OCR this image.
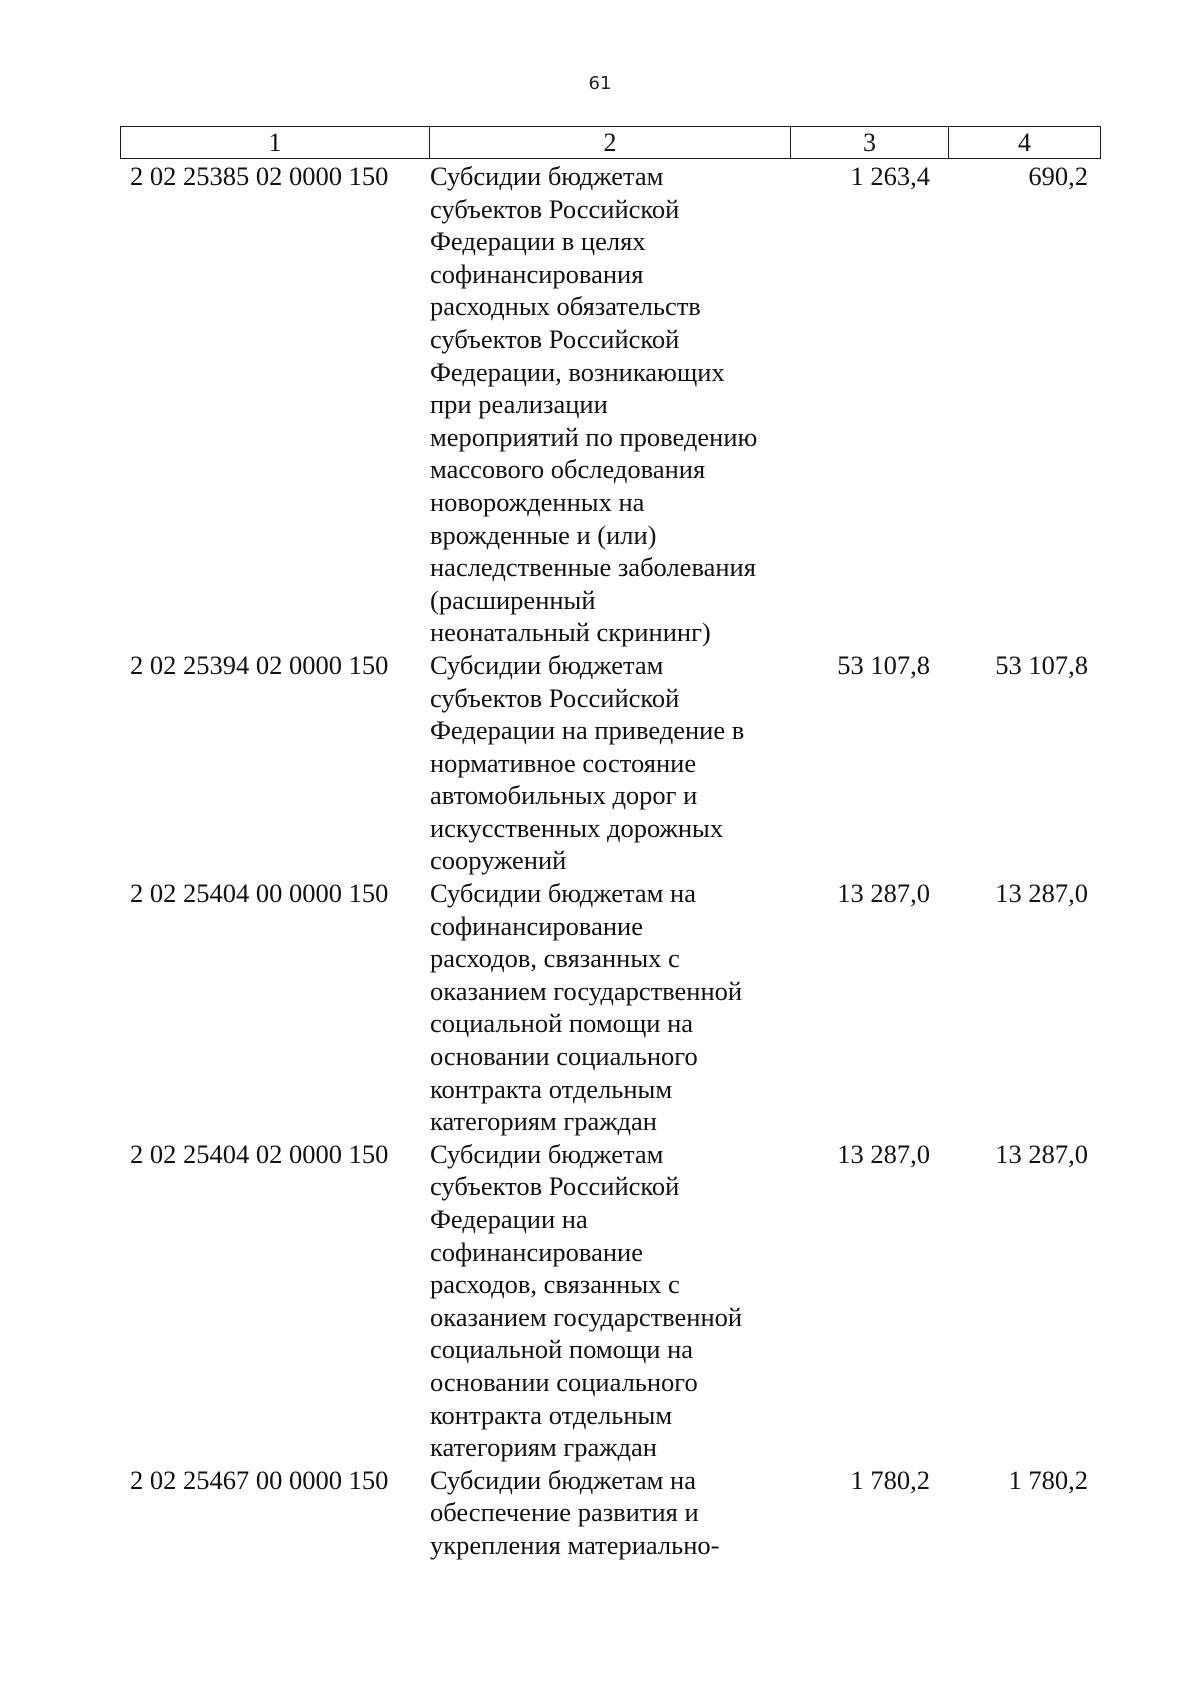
61
1	2	3	4
2 02 25385 02 0000 150	Субсидии бюджетам
субъектов Российской
Федерации в целях
софинансирования
расходных обязательств
субъектов Российской
Федерации, возникающих
при реализации
мероприятий по проведению
массового обследования
новорожденных на
врожденные и (или)
наследственные заболевания
(расширенный
неонатальный скрининг)
1 263,4	690,2
2 02 25394 02 0000 150	Субсидии бюджетам
субъектов Российской
Федерации на приведение в
нормативное состояние
автомобильных дорог и
искусственных дорожных
сооружений
53 107,8	53 107,8
2 02 25404 00 0000 150	Субсидии бюджетам на
софинансирование
расходов, связанных с
оказанием государственной
социальной помощи на
основании социального
контракта отдельным
категориям граждан
13 287,0	13 287,0
2 02 25404 02 0000 150	Субсидии бюджетам
субъектов Российской
Федерации на
софинансирование
расходов, связанных с
оказанием государственной
социальной помощи на
основании социального
контракта отдельным
категориям граждан
13 287,0	13 287,0
2 02 25467 00 0000 150	Субсидии бюджетам на
обеспечение развития и
укрепления материально-
1 780,2	1 780,2
